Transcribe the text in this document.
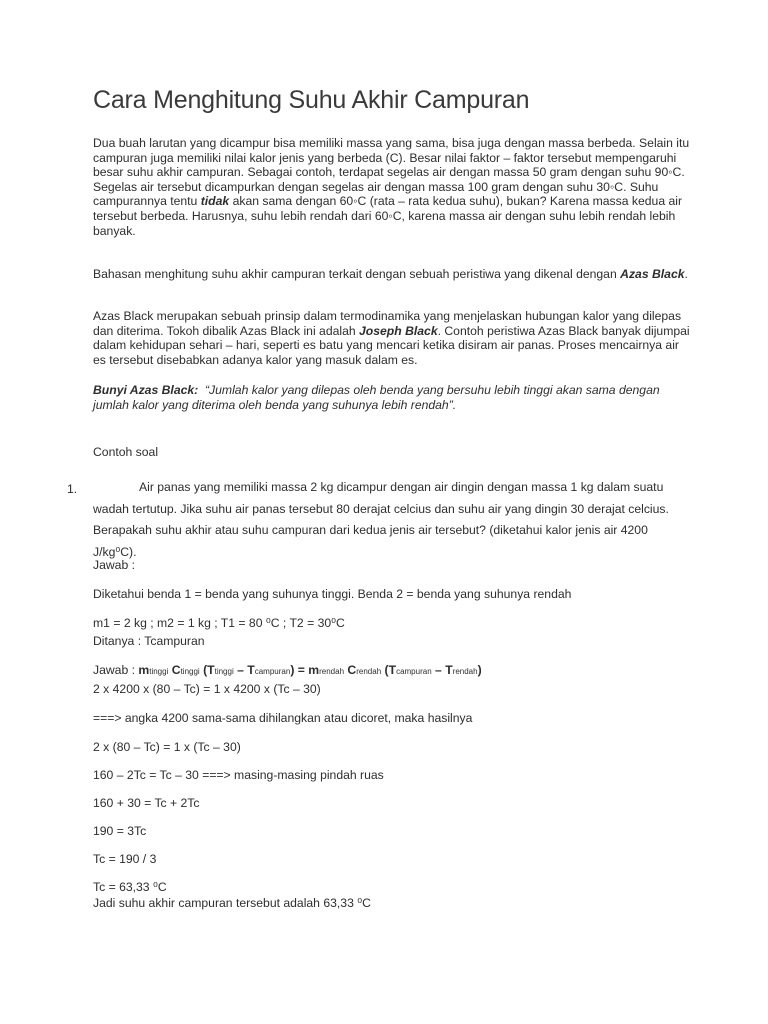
Cara Menghitung Suhu Akhir Campuran

Dua buah larutan yang dicampur bisa memiliki massa yang sama, bisa juga dengan massa berbeda. Selain itu campuran juga memiliki nilai kalor jenis yang berbeda (C). Besar nilai faktor – faktor tersebut mempengaruhi besar suhu akhir campuran. Sebagai contoh, terdapat segelas air dengan massa 50 gram dengan suhu 90◦C. Segelas air tersebut dicampurkan dengan segelas air dengan massa 100 gram dengan suhu 30◦C. Suhu campurannya tentu tidak akan sama dengan 60◦C (rata – rata kedua suhu), bukan? Karena massa kedua air tersebut berbeda. Harusnya, suhu lebih rendah dari 60◦C, karena massa air dengan suhu lebih rendah lebih banyak.

Bahasan menghitung suhu akhir campuran terkait dengan sebuah peristiwa yang dikenal dengan Azas Black.

Azas Black merupakan sebuah prinsip dalam termodinamika yang menjelaskan hubungan kalor yang dilepas dan diterima. Tokoh dibalik Azas Black ini adalah Joseph Black. Contoh peristiwa Azas Black banyak dijumpai dalam kehidupan sehari – hari, seperti es batu yang mencari ketika disiram air panas. Proses mencairnya air es tersebut disebabkan adanya kalor yang masuk dalam es.

Bunyi Azas Black: “Jumlah kalor yang dilepas oleh benda yang bersuhu lebih tinggi akan sama dengan jumlah kalor yang diterima oleh benda yang suhunya lebih rendah”.

Contoh soal

1.	Air panas yang memiliki massa 2 kg dicampur dengan air dingin dengan massa 1 kg dalam suatu wadah tertutup. Jika suhu air panas tersebut 80 derajat celcius dan suhu air yang dingin 30 derajat celcius. Berapakah suhu akhir atau suhu campuran dari kedua jenis air tersebut? (diketahui kalor jenis air 4200 J/kg⁰C).

Jawab :

Diketahui benda 1 = benda yang suhunya tinggi. Benda 2 = benda yang suhunya rendah

m1 = 2 kg ; m2 = 1 kg ; T1 = 80 ⁰C ; T2 = 30⁰C

Ditanya : Tcampuran

Jawab : mtinggi Ctinggi (Ttinggi – Tcampuran) = mrendah Crendah (Tcampuran – Trendah)

2 x 4200 x (80 – Tc) = 1 x 4200 x (Tc – 30)

===> angka 4200 sama-sama dihilangkan atau dicoret, maka hasilnya

2 x (80 – Tc) = 1 x (Tc – 30)

160 – 2Tc = Tc – 30 ===> masing-masing pindah ruas

160 + 30 = Tc + 2Tc

190 = 3Tc

Tc = 190 / 3

Tc = 63,33 ⁰C

Jadi suhu akhir campuran tersebut adalah 63,33 ⁰C
